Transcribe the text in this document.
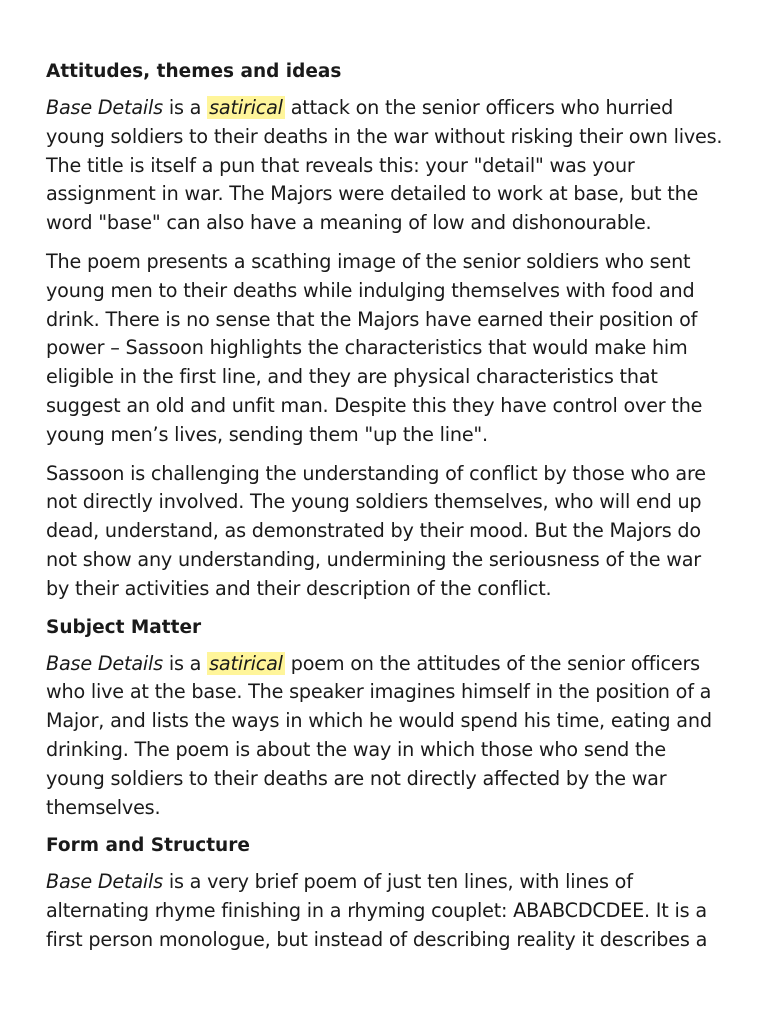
Attitudes, themes and ideas

Base Details is a satirical attack on the senior officers who hurried young soldiers to their deaths in the war without risking their own lives. The title is itself a pun that reveals this: your "detail" was your assignment in war. The Majors were detailed to work at base, but the word "base" can also have a meaning of low and dishonourable.

The poem presents a scathing image of the senior soldiers who sent young men to their deaths while indulging themselves with food and drink. There is no sense that the Majors have earned their position of power – Sassoon highlights the characteristics that would make him eligible in the first line, and they are physical characteristics that suggest an old and unfit man. Despite this they have control over the young men’s lives, sending them "up the line".

Sassoon is challenging the understanding of conflict by those who are not directly involved. The young soldiers themselves, who will end up dead, understand, as demonstrated by their mood. But the Majors do not show any understanding, undermining the seriousness of the war by their activities and their description of the conflict.

Subject Matter

Base Details is a satirical poem on the attitudes of the senior officers who live at the base. The speaker imagines himself in the position of a Major, and lists the ways in which he would spend his time, eating and drinking. The poem is about the way in which those who send the young soldiers to their deaths are not directly affected by the war themselves.

Form and Structure

Base Details is a very brief poem of just ten lines, with lines of alternating rhyme finishing in a rhyming couplet: ABABCDCDEE. It is a first person monologue, but instead of describing reality it describes a
